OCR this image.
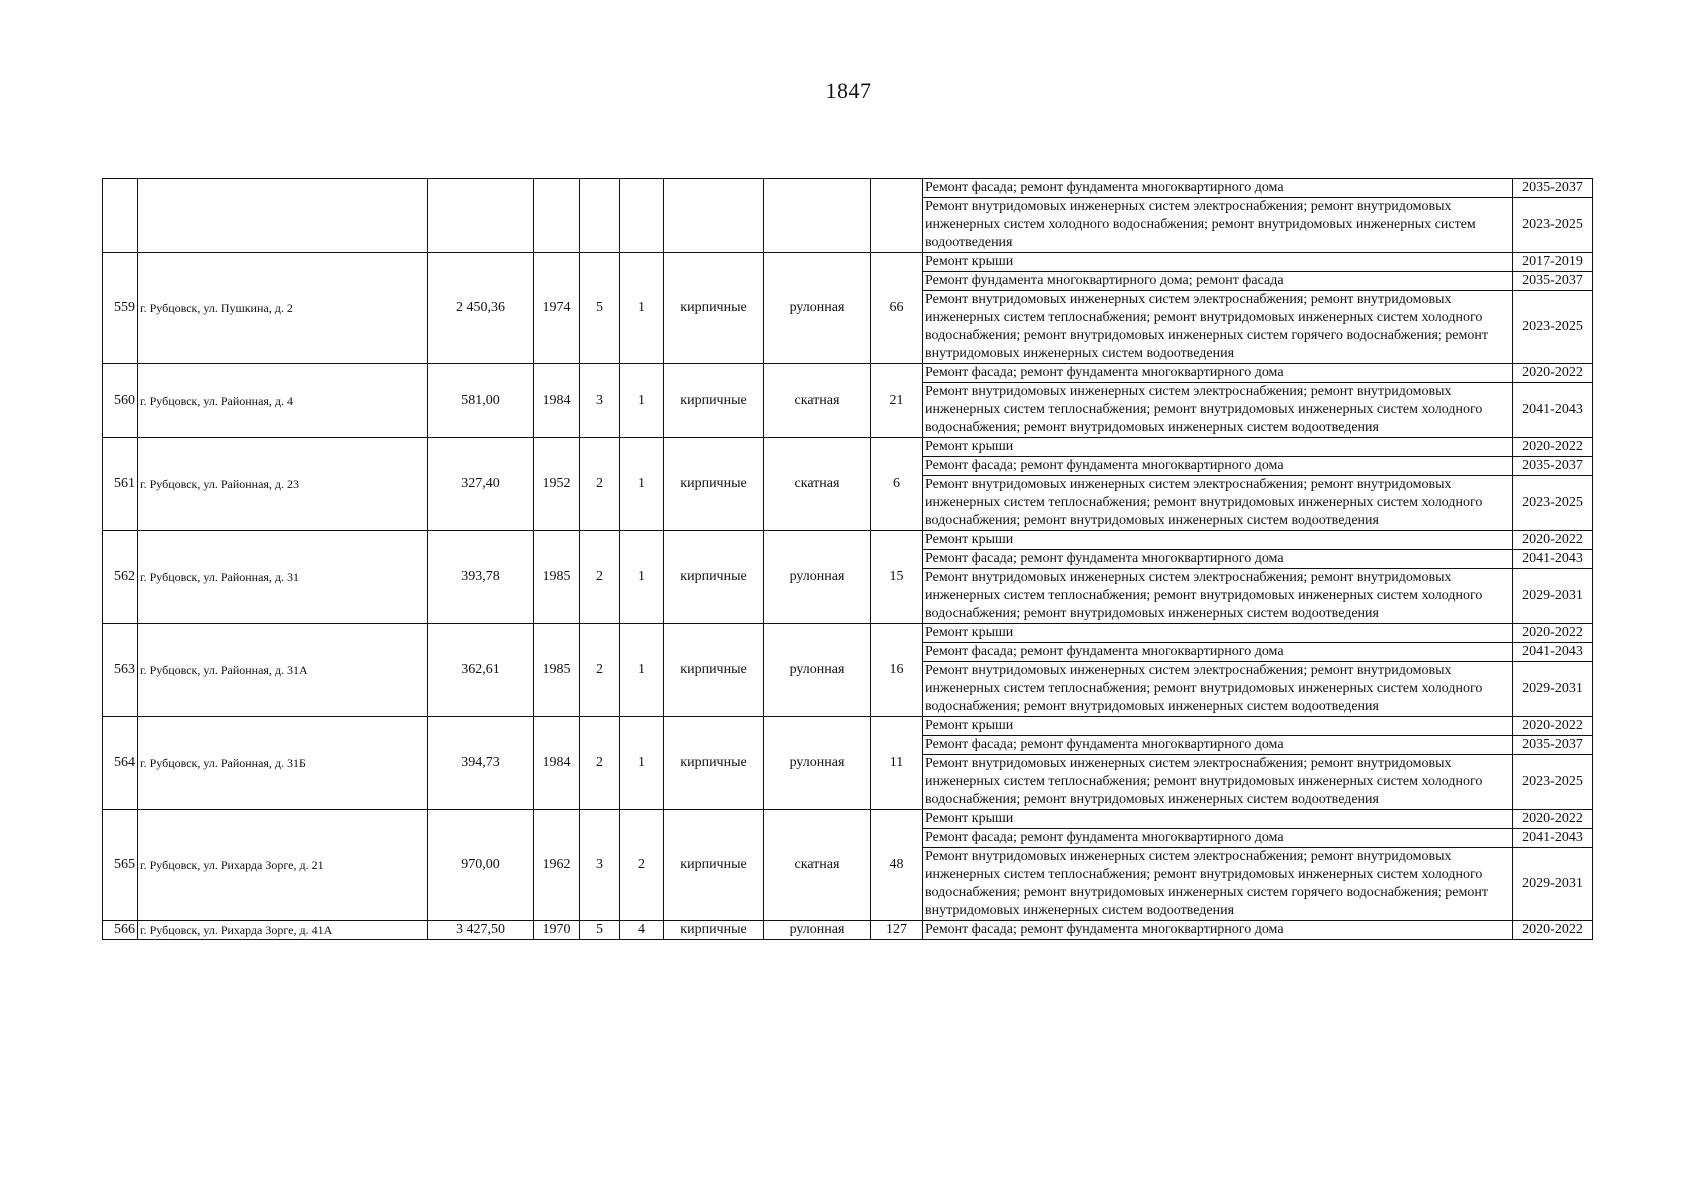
1847
									Ремонт фасада; ремонт фундамента многоквартирного дома	2035-2037
									Ремонт внутридомовых инженерных систем электроснабжения; ремонт внутридомовых инженерных систем холодного водоснабжения; ремонт внутридомовых инженерных систем водоотведения	2023-2025
559	г. Рубцовск, ул. Пушкина, д. 2	2 450,36	1974	5	1	кирпичные	рулонная	66	Ремонт крыши	2017-2019
									Ремонт фундамента многоквартирного дома; ремонт фасада	2035-2037
									Ремонт внутридомовых инженерных систем электроснабжения; ремонт внутридомовых инженерных систем теплоснабжения; ремонт внутридомовых инженерных систем холодного водоснабжения; ремонт внутридомовых инженерных систем горячего водоснабжения; ремонт внутридомовых инженерных систем водоотведения	2023-2025
560	г. Рубцовск, ул. Районная, д. 4	581,00	1984	3	1	кирпичные	скатная	21	Ремонт фасада; ремонт фундамента многоквартирного дома	2020-2022
									Ремонт внутридомовых инженерных систем электроснабжения; ремонт внутридомовых инженерных систем теплоснабжения; ремонт внутридомовых инженерных систем холодного водоснабжения; ремонт внутридомовых инженерных систем водоотведения	2041-2043
561	г. Рубцовск, ул. Районная, д. 23	327,40	1952	2	1	кирпичные	скатная	6	Ремонт крыши	2020-2022
									Ремонт фасада; ремонт фундамента многоквартирного дома	2035-2037
									Ремонт внутридомовых инженерных систем электроснабжения; ремонт внутридомовых инженерных систем теплоснабжения; ремонт внутридомовых инженерных систем холодного водоснабжения; ремонт внутридомовых инженерных систем водоотведения	2023-2025
562	г. Рубцовск, ул. Районная, д. 31	393,78	1985	2	1	кирпичные	рулонная	15	Ремонт крыши	2020-2022
									Ремонт фасада; ремонт фундамента многоквартирного дома	2041-2043
									Ремонт внутридомовых инженерных систем электроснабжения; ремонт внутридомовых инженерных систем теплоснабжения; ремонт внутридомовых инженерных систем холодного водоснабжения; ремонт внутридомовых инженерных систем водоотведения	2029-2031
563	г. Рубцовск, ул. Районная, д. 31А	362,61	1985	2	1	кирпичные	рулонная	16	Ремонт крыши	2020-2022
									Ремонт фасада; ремонт фундамента многоквартирного дома	2041-2043
									Ремонт внутридомовых инженерных систем электроснабжения; ремонт внутридомовых инженерных систем теплоснабжения; ремонт внутридомовых инженерных систем холодного водоснабжения; ремонт внутридомовых инженерных систем водоотведения	2029-2031
564	г. Рубцовск, ул. Районная, д. 31Б	394,73	1984	2	1	кирпичные	рулонная	11	Ремонт крыши	2020-2022
									Ремонт фасада; ремонт фундамента многоквартирного дома	2035-2037
									Ремонт внутридомовых инженерных систем электроснабжения; ремонт внутридомовых инженерных систем теплоснабжения; ремонт внутридомовых инженерных систем холодного водоснабжения; ремонт внутридомовых инженерных систем водоотведения	2023-2025
565	г. Рубцовск, ул. Рихарда Зорге, д. 21	970,00	1962	3	2	кирпичные	скатная	48	Ремонт крыши	2020-2022
									Ремонт фасада; ремонт фундамента многоквартирного дома	2041-2043
									Ремонт внутридомовых инженерных систем электроснабжения; ремонт внутридомовых инженерных систем теплоснабжения; ремонт внутридомовых инженерных систем холодного водоснабжения; ремонт внутридомовых инженерных систем горячего водоснабжения; ремонт внутридомовых инженерных систем водоотведения	2029-2031
566	г. Рубцовск, ул. Рихарда Зорге, д. 41А	3 427,50	1970	5	4	кирпичные	рулонная	127	Ремонт фасада; ремонт фундамента многоквартирного дома	2020-2022
